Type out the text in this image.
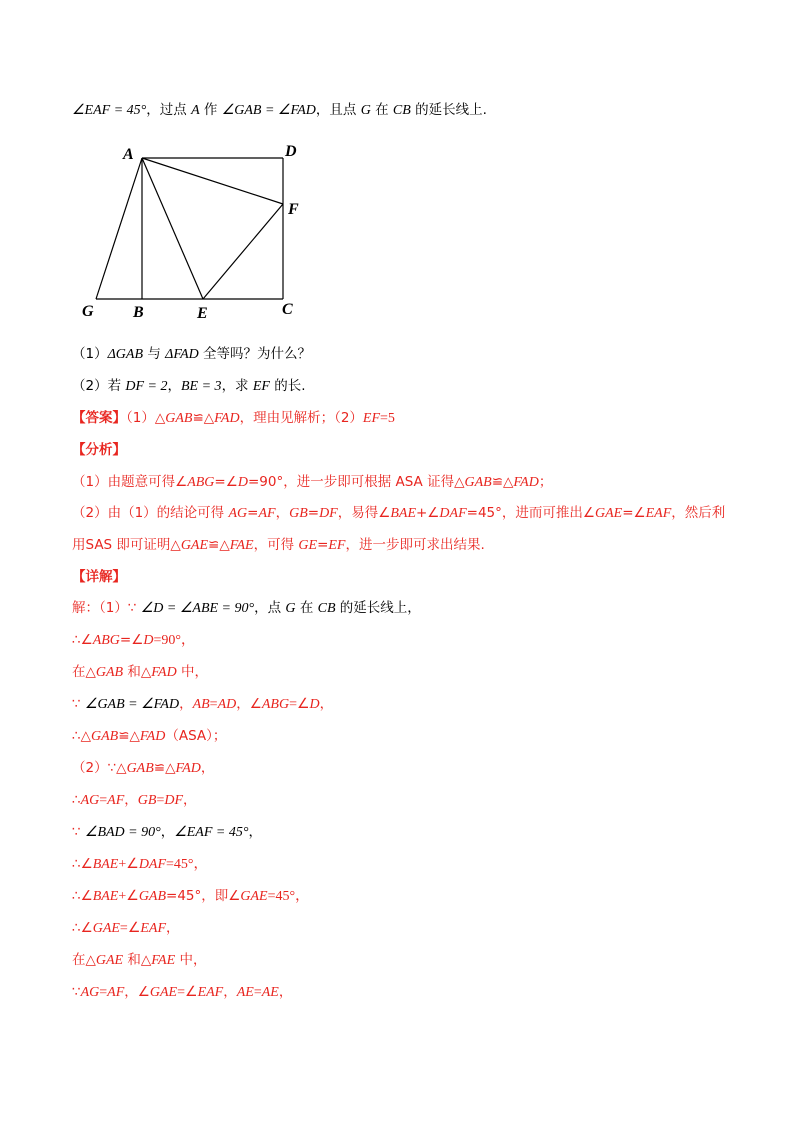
∠EAF = 45°，过点 A 作 ∠GAB = ∠FAD，且点 G 在 CB 的延长线上.
A	D
F
G B	E	C
（1）ΔGAB 与 ΔFAD 全等吗？为什么？
（2）若 DF = 2，BE = 3，求 EF 的长.
【答案】（1）△GAB≌△FAD，理由见解析；（2）EF=5
【分析】
（1）由题意可得∠ABG=∠D=90°，进一步即可根据 ASA 证得△GAB≌△FAD；
（2）由（1）的结论可得 AG=AF，GB=DF，易得∠BAE+∠DAF=45°，进而可推出∠GAE=∠EAF，然后利
用SAS 即可证明△GAE≌△FAE，可得 GE=EF，进一步即可求出结果.
【详解】
解：（1）∵ ∠D = ∠ABE = 90°，点 G 在 CB 的延长线上，
∴∠ABG=∠D=90°，
在△GAB 和△FAD 中，
∵ ∠GAB = ∠FAD，AB=AD，∠ABG=∠D，
∴△GAB≌△FAD（ASA）；
（2）∵△GAB≌△FAD，
∴AG=AF，GB=DF，
∵ ∠BAD = 90°，∠EAF = 45°，
∴∠BAE+∠DAF=45°，
∴∠BAE+∠GAB=45°，即∠GAE=45°，
∴∠GAE=∠EAF，
在△GAE 和△FAE 中，
∵AG=AF，∠GAE=∠EAF，AE=AE，
